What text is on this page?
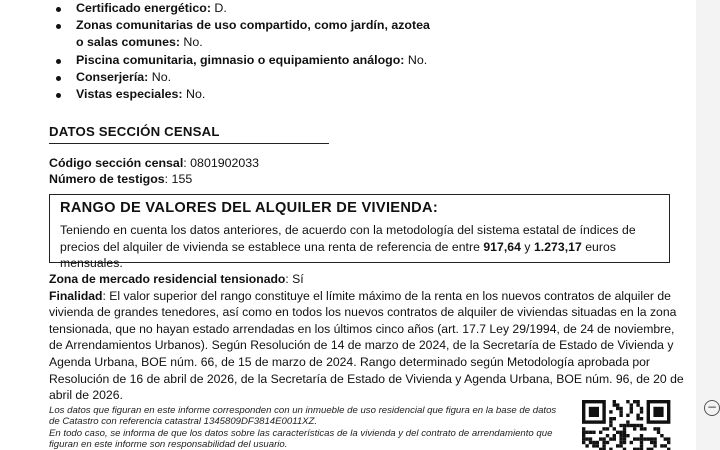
Certificado energético: D.
Zonas comunitarias de uso compartido, como jardín, azotea o salas comunes: No.
Piscina comunitaria, gimnasio o equipamiento análogo: No.
Conserjería: No.
Vistas especiales: No.
DATOS SECCIÓN CENSAL
Código sección censal: 0801902033
Número de testigos: 155
RANGO DE VALORES DEL ALQUILER DE VIVIENDA:
Teniendo en cuenta los datos anteriores, de acuerdo con la metodología del sistema estatal de índices de precios del alquiler de vivienda se establece una renta de referencia de entre 917,64 y 1.273,17 euros mensuales.
Zona de mercado residencial tensionado: Sí
Finalidad: El valor superior del rango constituye el límite máximo de la renta en los nuevos contratos de alquiler de vivienda de grandes tenedores, así como en todos los nuevos contratos de alquiler de viviendas situadas en la zona tensionada, que no hayan estado arrendadas en los últimos cinco años (art. 17.7 Ley 29/1994, de 24 de noviembre, de Arrendamientos Urbanos). Según Resolución de 14 de marzo de 2024, de la Secretaría de Estado de Vivienda y Agenda Urbana, BOE núm. 66, de 15 de marzo de 2024. Rango determinado según Metodología aprobada por Resolución de 16 de abril de 2026, de la Secretaría de Estado de Vivienda y Agenda Urbana, BOE núm. 96, de 20 de abril de 2026.
Los datos que figuran en este informe corresponden con un inmueble de uso residencial que figura en la base de datos de Catastro con referencia catastral 1345809DF3814E0011XZ.
En todo caso, se informa de que los datos sobre las características de la vivienda y del contrato de arrendamiento que figuran en este informe son responsabilidad del usuario.
−
